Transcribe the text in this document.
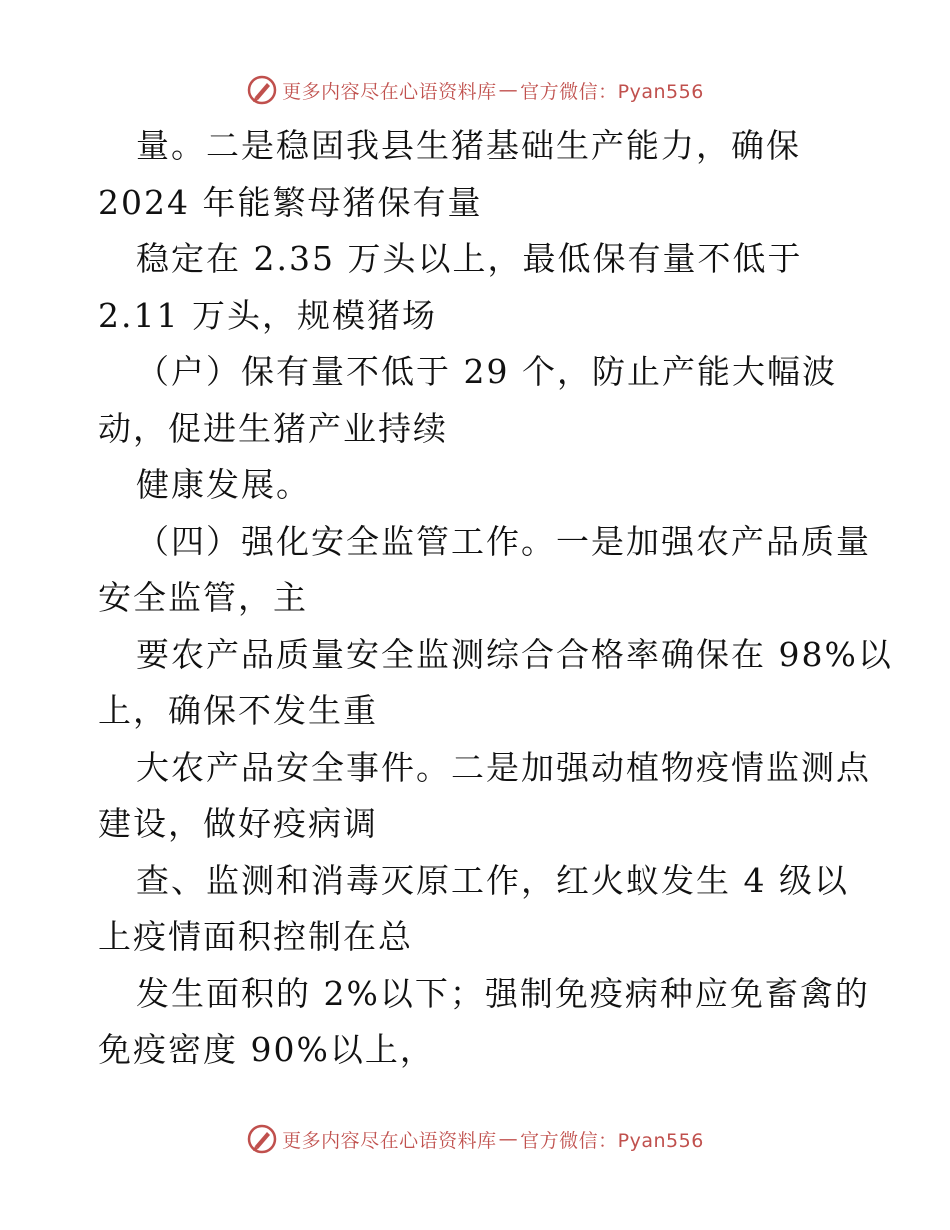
更多内容尽在心语资料库 — 官方微信：Pyan556
量。二是稳固我县生猪基础生产能力，确保
2024 年能繁母猪保有量
稳定在 2.35 万头以上，最低保有量不低于
2.11 万头，规模猪场
（户）保有量不低于 29 个，防止产能大幅波
动，促进生猪产业持续
健康发展。
（四）强化安全监管工作。一是加强农产品质量
安全监管，主
要农产品质量安全监测综合合格率确保在 98%以
上，确保不发生重
大农产品安全事件。二是加强动植物疫情监测点
建设，做好疫病调
查、监测和消毒灭原工作，红火蚁发生 4 级以
上疫情面积控制在总
发生面积的 2%以下；强制免疫病种应免畜禽的
免疫密度 90%以上，
更多内容尽在心语资料库 — 官方微信：Pyan556
